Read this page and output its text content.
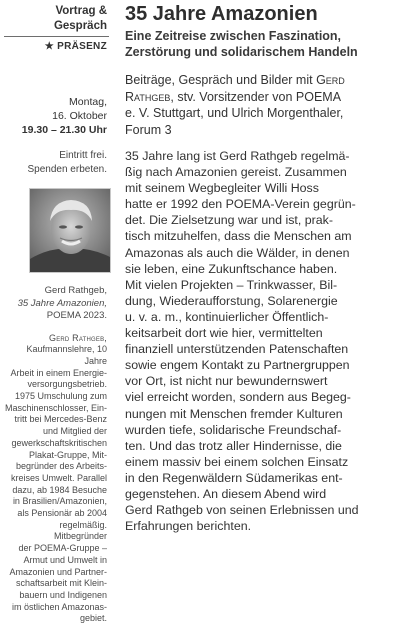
Vortrag & Gespräch
★ PRÄSENZ
Montag,
16. Oktober
19.30 – 21.30 Uhr
Eintritt frei.
Spenden erbeten.
Gerd Rathgeb,
35 Jahre Amazonien,
POEMA 2023.
Gerd Rathgeb,
Kaufmannslehre, 10 Jahre
Arbeit in einem Energie-
versorgungsbetrieb.
1975 Umschulung zum
Maschinenschlosser, Ein-
tritt bei Mercedes-Benz
und Mitglied der
gewerkschaftskritischen
Plakat-Gruppe, Mit-
begründer des Arbeits-
kreises Umwelt. Parallel
dazu, ab 1984 Besuche
in Brasilien/Amazonien,
als Pensionär ab 2004
regelmäßig. Mitbegründer
der POEMA-Gruppe –
Armut und Umwelt in
Amazonien und Partner-
schaftsarbeit mit Klein-
bauern und Indigenen
im östlichen Amazonas-
gebiet.
35 Jahre Amazonien
Eine Zeitreise zwischen Faszination,
Zerstörung und solidarischem Handeln
Beiträge, Gespräch und Bilder mit Gerd
Rathgeb, stv. Vorsitzender von POEMA
e. V. Stuttgart, und Ulrich Morgenthaler,
Forum 3
35 Jahre lang ist Gerd Rathgeb regelmä-
ßig nach Amazonien gereist. Zusammen
mit seinem Wegbegleiter Willi Hoss
hatte er 1992 den POEMA-Verein gegrün-
det. Die Zielsetzung war und ist, prak-
tisch mitzuhelfen, dass die Menschen am
Amazonas als auch die Wälder, in denen
sie leben, eine Zukunftschance haben.
Mit vielen Projekten – Trinkwasser, Bil-
dung, Wiederaufforstung, Solarenergie
u. v. a. m., kontinuierlicher Öffentlich-
keitsarbeit dort wie hier, vermittelten
finanziell unterstützenden Patenschaften
sowie engem Kontakt zu Partnergruppen
vor Ort, ist nicht nur bewundernswert
viel erreicht worden, sondern aus Begeg-
nungen mit Menschen fremder Kulturen
wurden tiefe, solidarische Freundschaf-
ten. Und das trotz aller Hindernisse, die
einem massiv bei einem solchen Einsatz
in den Regenwäldern Südamerikas ent-
gegenstehen. An diesem Abend wird
Gerd Rathgeb von seinen Erlebnissen und
Erfahrungen berichten.
